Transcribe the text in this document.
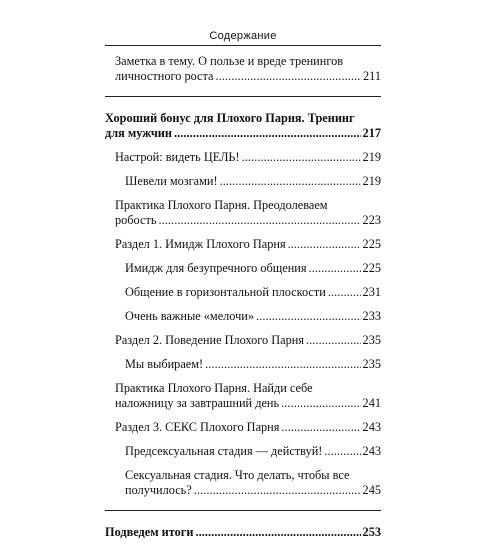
Содержание
Заметка в тему. О пользе и вреде тренингов
личностного роста . . .	211
Хороший бонус для Плохого Парня. Тренинг
для мужчин . . .	217
Настрой: видеть ЦЕЛЬ! . . .	219
Шевели мозгами! . . .	219
Практика Плохого Парня. Преодолеваем
робость . . .	223
Раздел 1. Имидж Плохого Парня . . .	225
Имидж для безупречного общения . . .	225
Общение в горизонтальной плоскости . . .	231
Очень важные «мелочи» . . .	233
Раздел 2. Поведение Плохого Парня . . .	235
Мы выбираем! . . .	235
Практика Плохого Парня. Найди себе
наложницу за завтрашний день . . .	241
Раздел 3. СЕКС Плохого Парня . . .	243
Предсексуальная стадия — действуй! . . .	243
Сексуальная стадия. Что делать, чтобы все
получилось? . . .	245
Подведем итоги . . .	253
